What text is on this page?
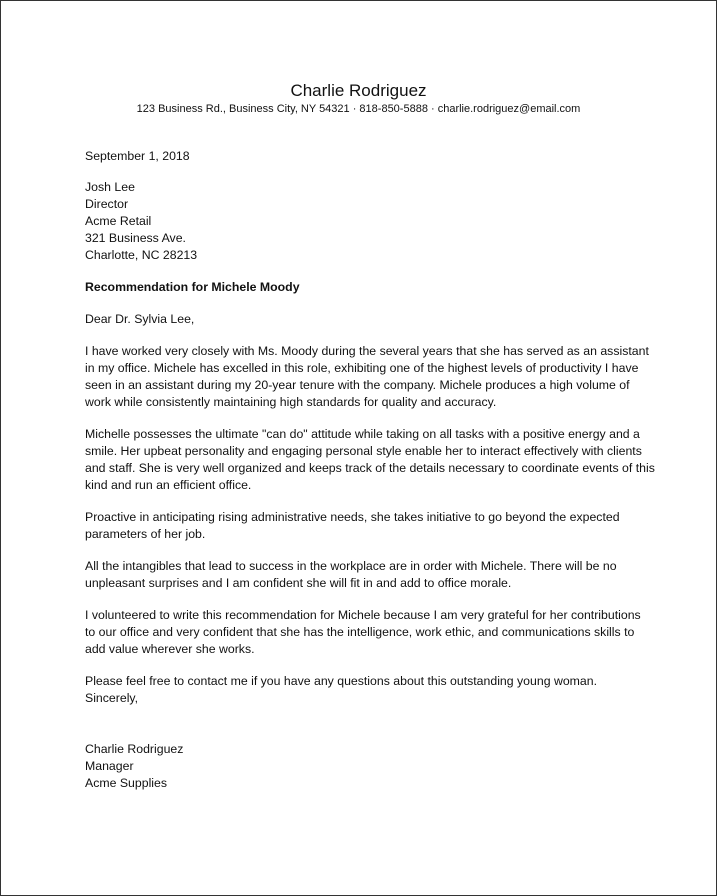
Charlie Rodriguez
123 Business Rd., Business City, NY 54321 · 818-850-5888 · charlie.rodriguez@email.com
September 1, 2018
Josh Lee
Director
Acme Retail
321 Business Ave.
Charlotte, NC 28213
Recommendation for Michele Moody
Dear Dr. Sylvia Lee,
I have worked very closely with Ms. Moody during the several years that she has served as an assistant
in my office. Michele has excelled in this role, exhibiting one of the highest levels of productivity I have
seen in an assistant during my 20-year tenure with the company. Michele produces a high volume of
work while consistently maintaining high standards for quality and accuracy.
Michelle possesses the ultimate "can do" attitude while taking on all tasks with a positive energy and a
smile. Her upbeat personality and engaging personal style enable her to interact effectively with clients
and staff. She is very well organized and keeps track of the details necessary to coordinate events of this
kind and run an efficient office.
Proactive in anticipating rising administrative needs, she takes initiative to go beyond the expected
parameters of her job.
All the intangibles that lead to success in the workplace are in order with Michele. There will be no
unpleasant surprises and I am confident she will fit in and add to office morale.
I volunteered to write this recommendation for Michele because I am very grateful for her contributions
to our office and very confident that she has the intelligence, work ethic, and communications skills to
add value wherever she works.
Please feel free to contact me if you have any questions about this outstanding young woman.
Sincerely,
Charlie Rodriguez
Manager
Acme Supplies
